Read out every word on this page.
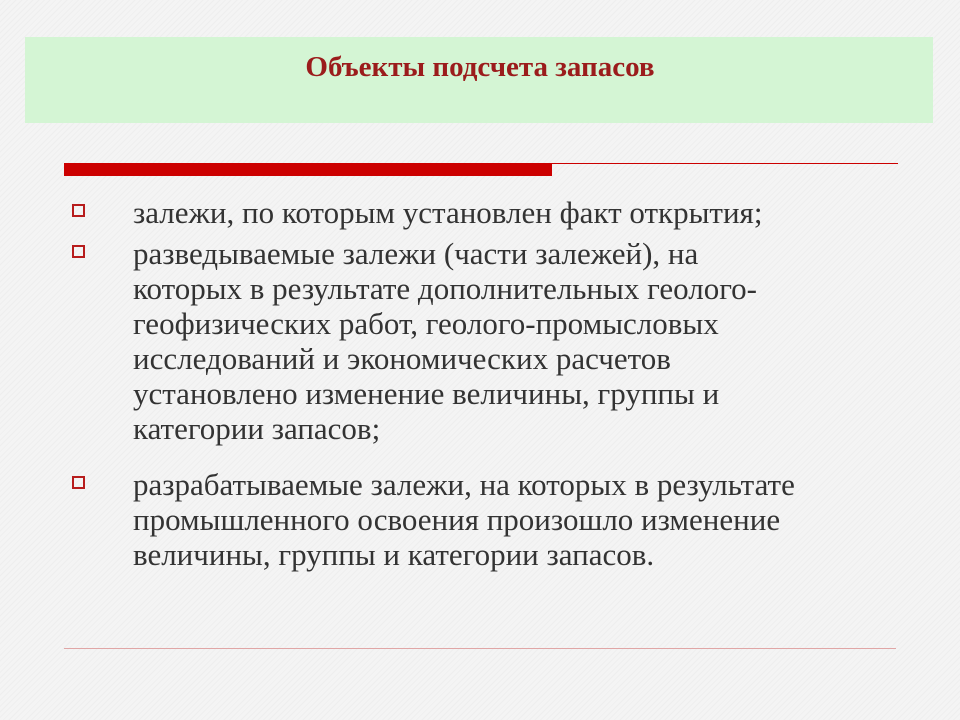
Объекты подсчета запасов
залежи, по которым установлен факт открытия;
разведываемые залежи (части залежей), на
которых в результате дополнительных геолого-
геофизических работ, геолого-промысловых
исследований и экономических расчетов
установлено изменение величины, группы и
категории запасов;
разрабатываемые залежи, на которых в результате
промышленного освоения произошло изменение
величины, группы и категории запасов.
